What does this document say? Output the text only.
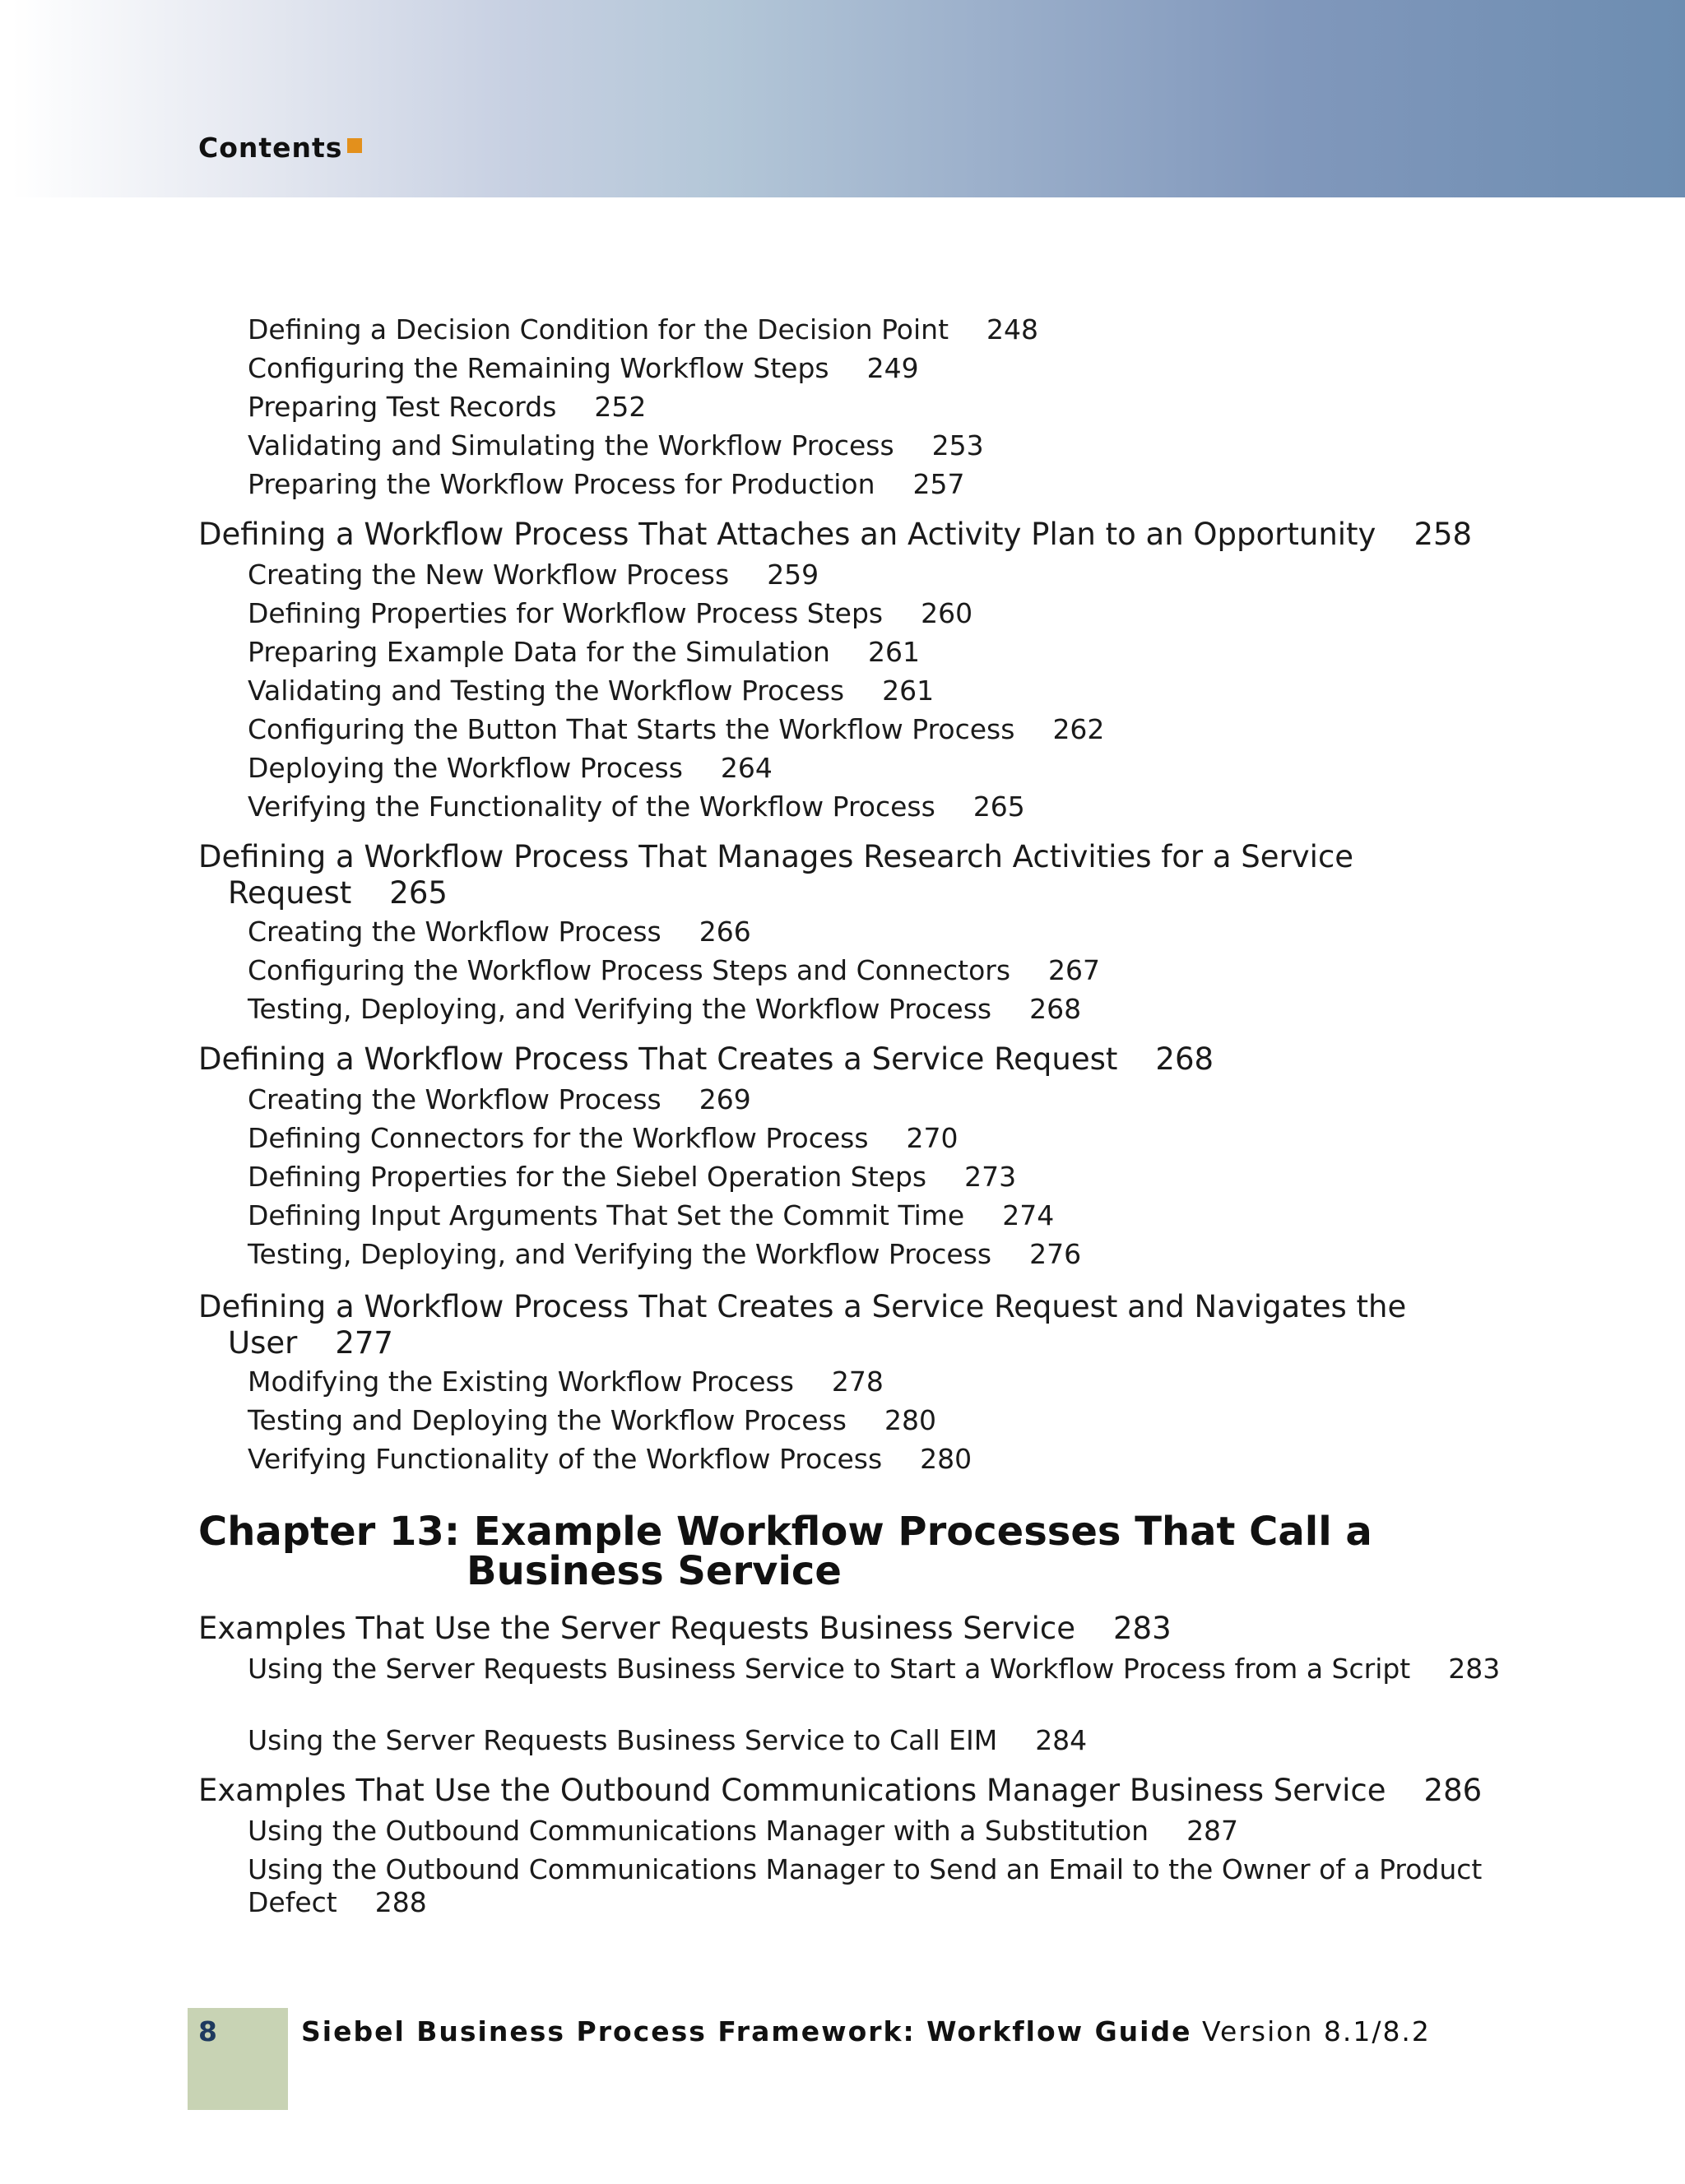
Contents
Defining a Decision Condition for the Decision Point 248
Configuring the Remaining Workflow Steps 249
Preparing Test Records 252
Validating and Simulating the Workflow Process 253
Preparing the Workflow Process for Production 257
Defining a Workflow Process That Attaches an Activity Plan to an Opportunity 258
Creating the New Workflow Process 259
Defining Properties for Workflow Process Steps 260
Preparing Example Data for the Simulation 261
Validating and Testing the Workflow Process 261
Configuring the Button That Starts the Workflow Process 262
Deploying the Workflow Process 264
Verifying the Functionality of the Workflow Process 265
Defining a Workflow Process That Manages Research Activities for a Service Request 265
Creating the Workflow Process 266
Configuring the Workflow Process Steps and Connectors 267
Testing, Deploying, and Verifying the Workflow Process 268
Defining a Workflow Process That Creates a Service Request 268
Creating the Workflow Process 269
Defining Connectors for the Workflow Process 270
Defining Properties for the Siebel Operation Steps 273
Defining Input Arguments That Set the Commit Time 274
Testing, Deploying, and Verifying the Workflow Process 276
Defining a Workflow Process That Creates a Service Request and Navigates the User 277
Modifying the Existing Workflow Process 278
Testing and Deploying the Workflow Process 280
Verifying Functionality of the Workflow Process 280
Chapter 13: Example Workflow Processes That Call a
Business Service
Examples That Use the Server Requests Business Service 283
Using the Server Requests Business Service to Start a Workflow Process from a Script 283
Using the Server Requests Business Service to Call EIM 284
Examples That Use the Outbound Communications Manager Business Service 286
Using the Outbound Communications Manager with a Substitution 287
Using the Outbound Communications Manager to Send an Email to the Owner of a Product Defect 288
8	Siebel Business Process Framework: Workflow Guide Version 8.1/8.2
